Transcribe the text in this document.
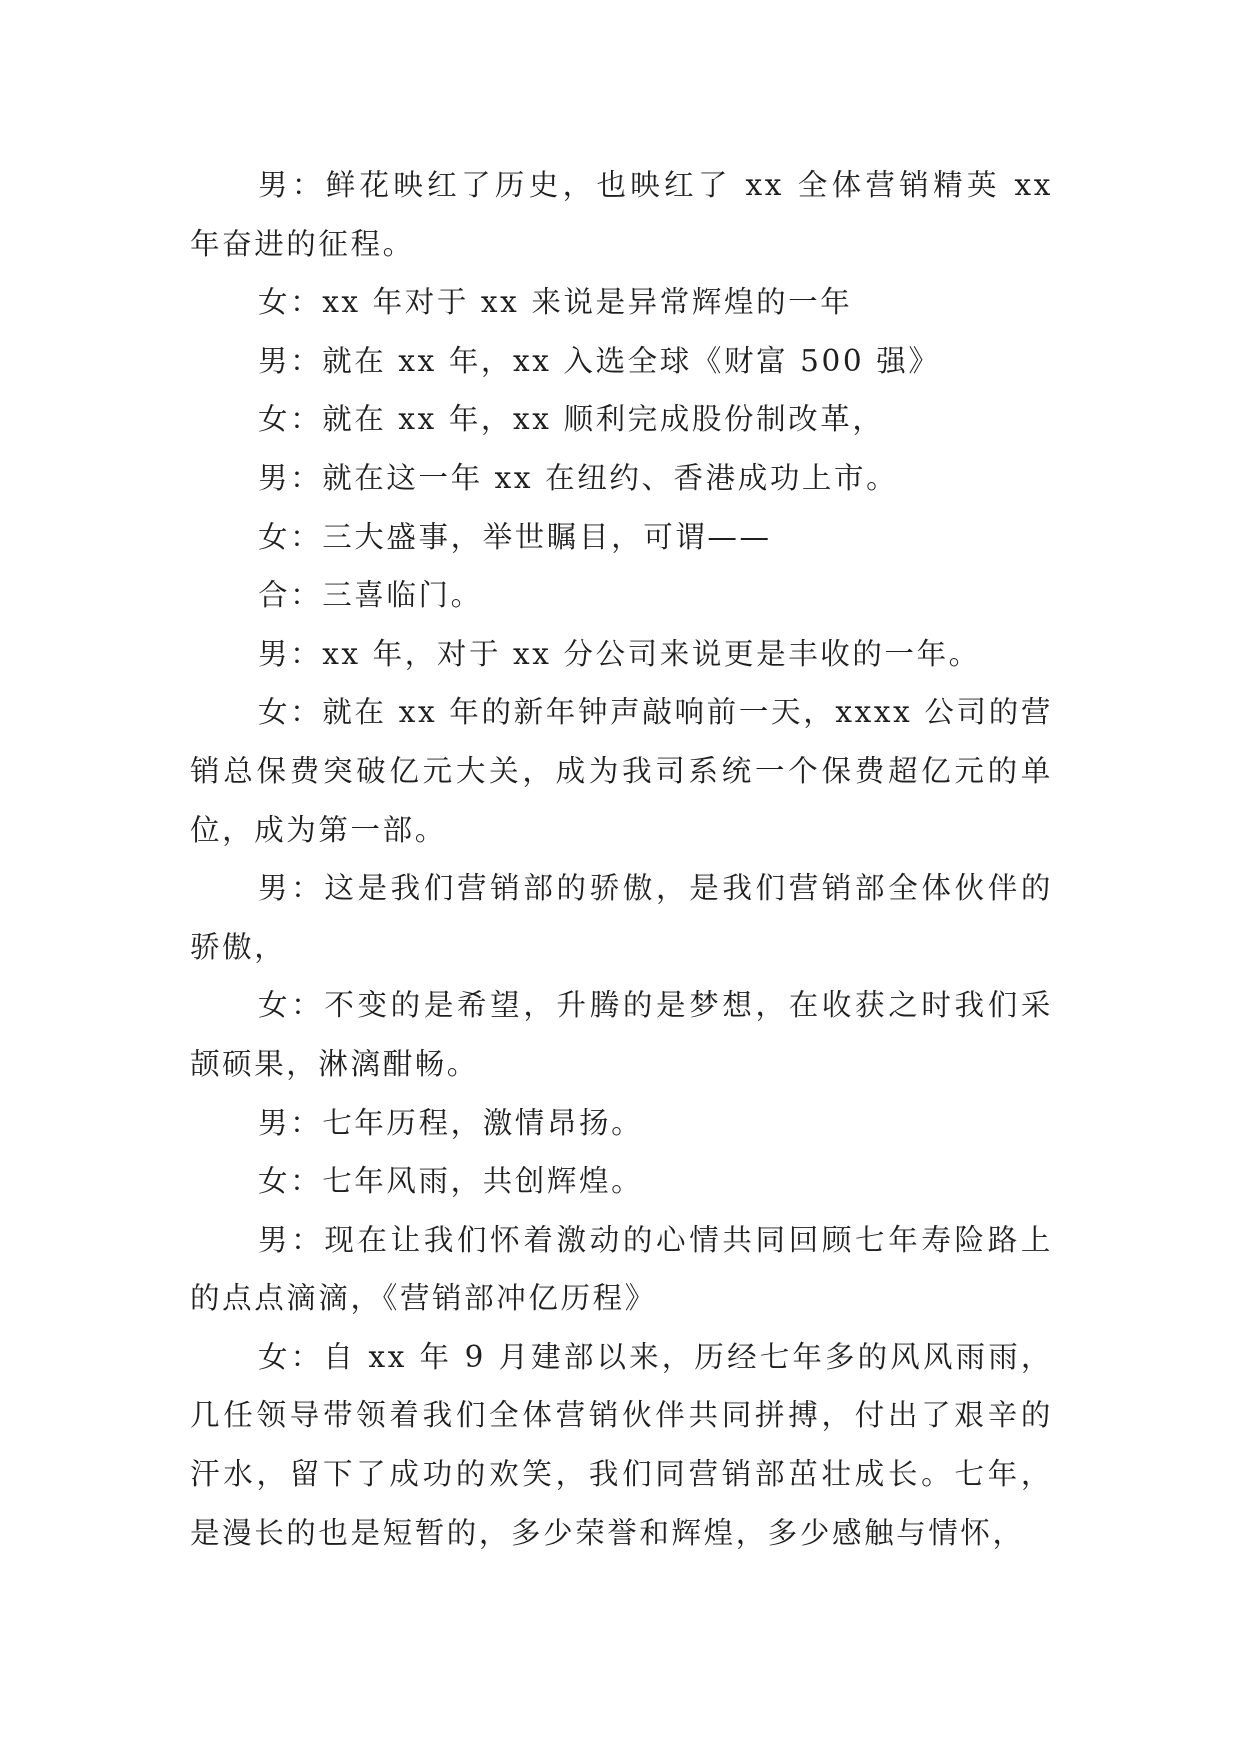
男：鲜花映红了历史，也映红了 xx 全体营销精英 xx 年奋进的征程。

女：xx 年对于 xx 来说是异常辉煌的一年

男：就在 xx 年，xx 入选全球《财富 500 强》

女：就在 xx 年，xx 顺利完成股份制改革，

男：就在这一年 xx 在纽约、香港成功上市。

女：三大盛事，举世瞩目，可谓——

合：三喜临门。

男：xx 年，对于 xx 分公司来说更是丰收的一年。

女：就在 xx 年的新年钟声敲响前一天，xxxx 公司的营销总保费突破亿元大关，成为我司系统一个保费超亿元的单位，成为第一部。

男：这是我们营销部的骄傲，是我们营销部全体伙伴的骄傲，

女：不变的是希望，升腾的是梦想，在收获之时我们采颉硕果，淋漓酣畅。

男：七年历程，激情昂扬。

女：七年风雨，共创辉煌。

男：现在让我们怀着激动的心情共同回顾七年寿险路上的点点滴滴，《营销部冲亿历程》

女：自 xx 年 9 月建部以来，历经七年多的风风雨雨，几任领导带领着我们全体营销伙伴共同拼搏，付出了艰辛的汗水，留下了成功的欢笑，我们同营销部茁壮成长。七年，是漫长的也是短暂的，多少荣誉和辉煌，多少感触与情怀，
